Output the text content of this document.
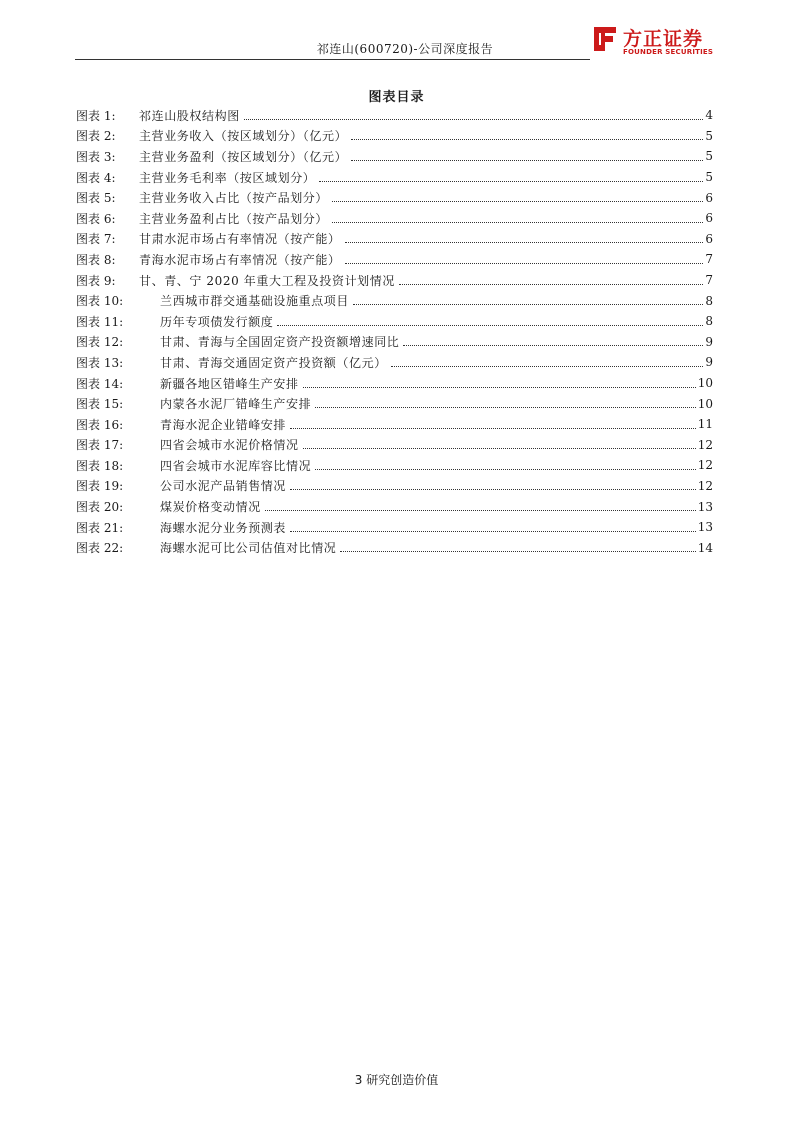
祁连山(600720)-公司深度报告	方正证券
FOUNDER SECURITIES
图表目录
图表 1:	祁连山股权结构图	4
图表 2:	主营业务收入（按区域划分）（亿元）	5
图表 3:	主营业务盈利（按区域划分）（亿元）	5
图表 4:	主营业务毛利率（按区域划分）	5
图表 5:	主营业务收入占比（按产品划分）	6
图表 6:	主营业务盈利占比（按产品划分）	6
图表 7:	甘肃水泥市场占有率情况（按产能）	6
图表 8:	青海水泥市场占有率情况（按产能）	7
图表 9:	甘、青、宁 2020 年重大工程及投资计划情况	7
图表 10:	兰西城市群交通基础设施重点项目	8
图表 11:	历年专项债发行额度	8
图表 12:	甘肃、青海与全国固定资产投资额增速同比	9
图表 13:	甘肃、青海交通固定资产投资额（亿元）	9
图表 14:	新疆各地区错峰生产安排	10
图表 15:	内蒙各水泥厂错峰生产安排	10
图表 16:	青海水泥企业错峰安排	11
图表 17:	四省会城市水泥价格情况	12
图表 18:	四省会城市水泥库容比情况	12
图表 19:	公司水泥产品销售情况	12
图表 20:	煤炭价格变动情况	13
图表 21:	海螺水泥分业务预测表	13
图表 22:	海螺水泥可比公司估值对比情况	14
3 研究创造价值
